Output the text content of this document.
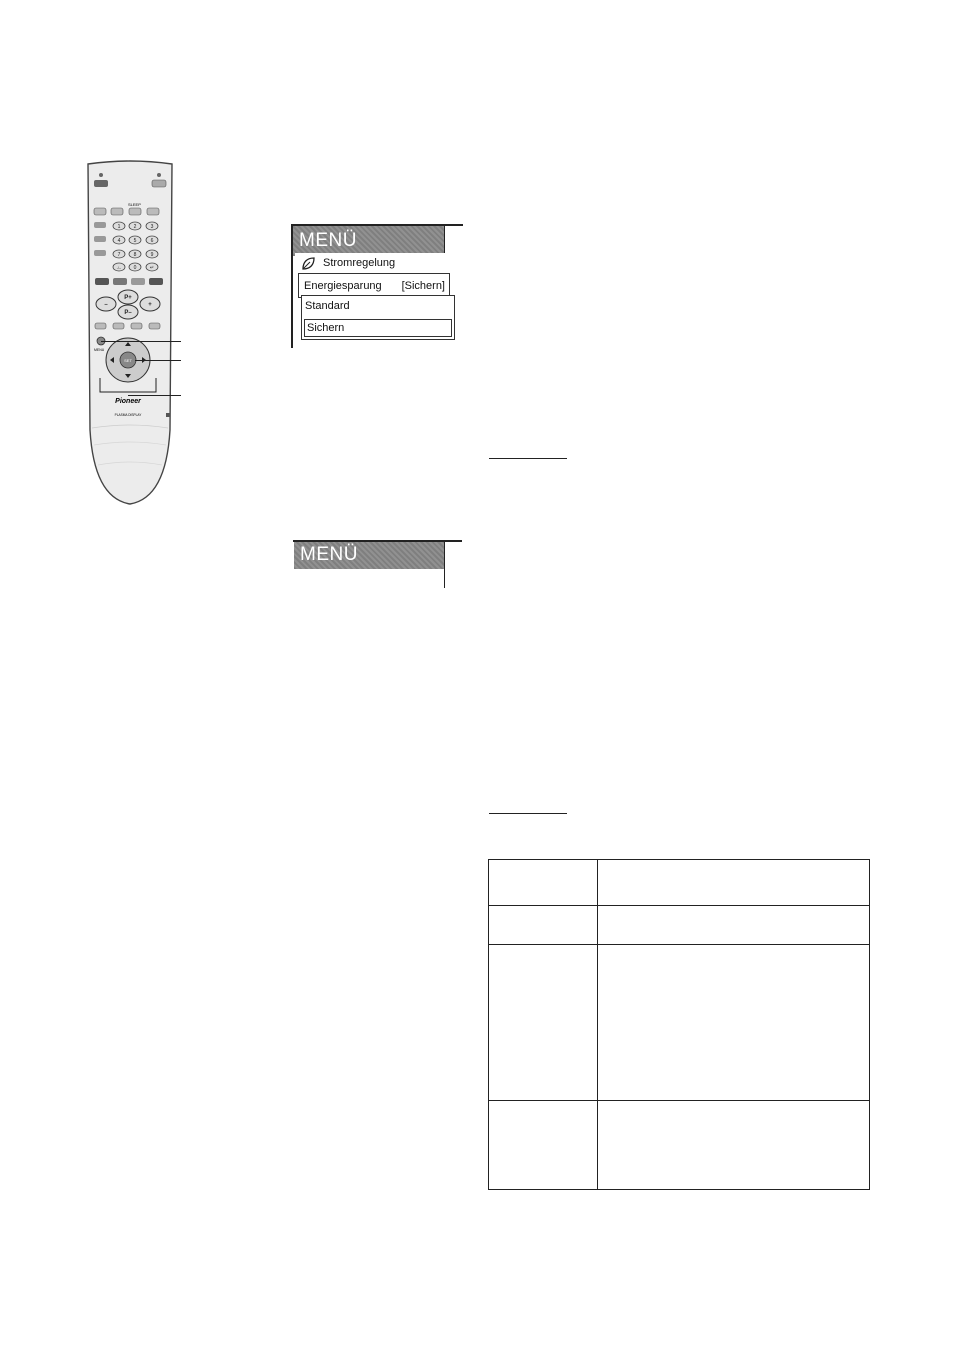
SLEEP
1	2	3
4	5	6
7	8	9
-/-- 0	↵
P+
P–
–	+
MENU
SET
Pioneer
PLASMA DISPLAY
MENÜ
Stromregelung
Energiesparung [Sichern]
Standard
Sichern
MENÜ
